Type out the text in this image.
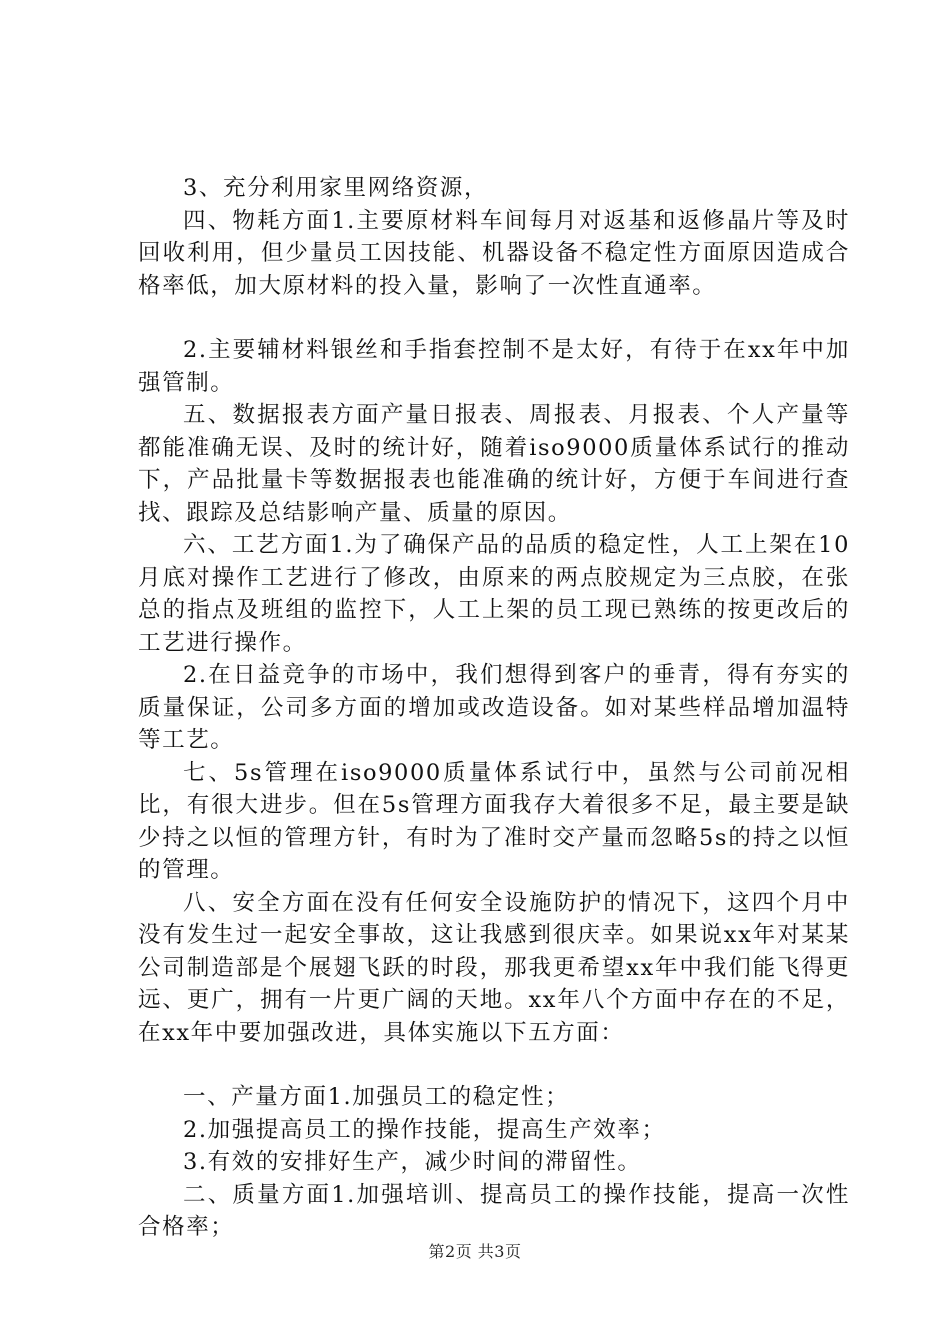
3、充分利用家里网络资源，

四、物耗方面1.主要原材料车间每月对返基和返修晶片等及时回收利用，但少量员工因技能、机器设备不稳定性方面原因造成合格率低，加大原材料的投入量，影响了一次性直通率。

2.主要辅材料银丝和手指套控制不是太好，有待于在xx年中加强管制。

五、数据报表方面产量日报表、周报表、月报表、个人产量等都能准确无误、及时的统计好，随着iso9000质量体系试行的推动下，产品批量卡等数据报表也能准确的统计好，方便于车间进行查找、跟踪及总结影响产量、质量的原因。

六、工艺方面1.为了确保产品的品质的稳定性，人工上架在10月底对操作工艺进行了修改，由原来的两点胶规定为三点胶，在张总的指点及班组的监控下，人工上架的员工现已熟练的按更改后的工艺进行操作。

2.在日益竞争的市场中，我们想得到客户的垂青，得有夯实的质量保证，公司多方面的增加或改造设备。如对某些样品增加温特等工艺。

七、5s管理在iso9000质量体系试行中，虽然与公司前况相比，有很大进步。但在5s管理方面我存大着很多不足，最主要是缺少持之以恒的管理方针，有时为了准时交产量而忽略5s的持之以恒的管理。

八、安全方面在没有任何安全设施防护的情况下，这四个月中没有发生过一起安全事故，这让我感到很庆幸。如果说xx年对某某公司制造部是个展翅飞跃的时段，那我更希望xx年中我们能飞得更远、更广，拥有一片更广阔的天地。xx年八个方面中存在的不足，在xx年中要加强改进，具体实施以下五方面：

一、产量方面1.加强员工的稳定性；

2.加强提高员工的操作技能，提高生产效率；

3.有效的安排好生产，减少时间的滞留性。

二、质量方面1.加强培训、提高员工的操作技能，提高一次性合格率；

第2页 共3页
